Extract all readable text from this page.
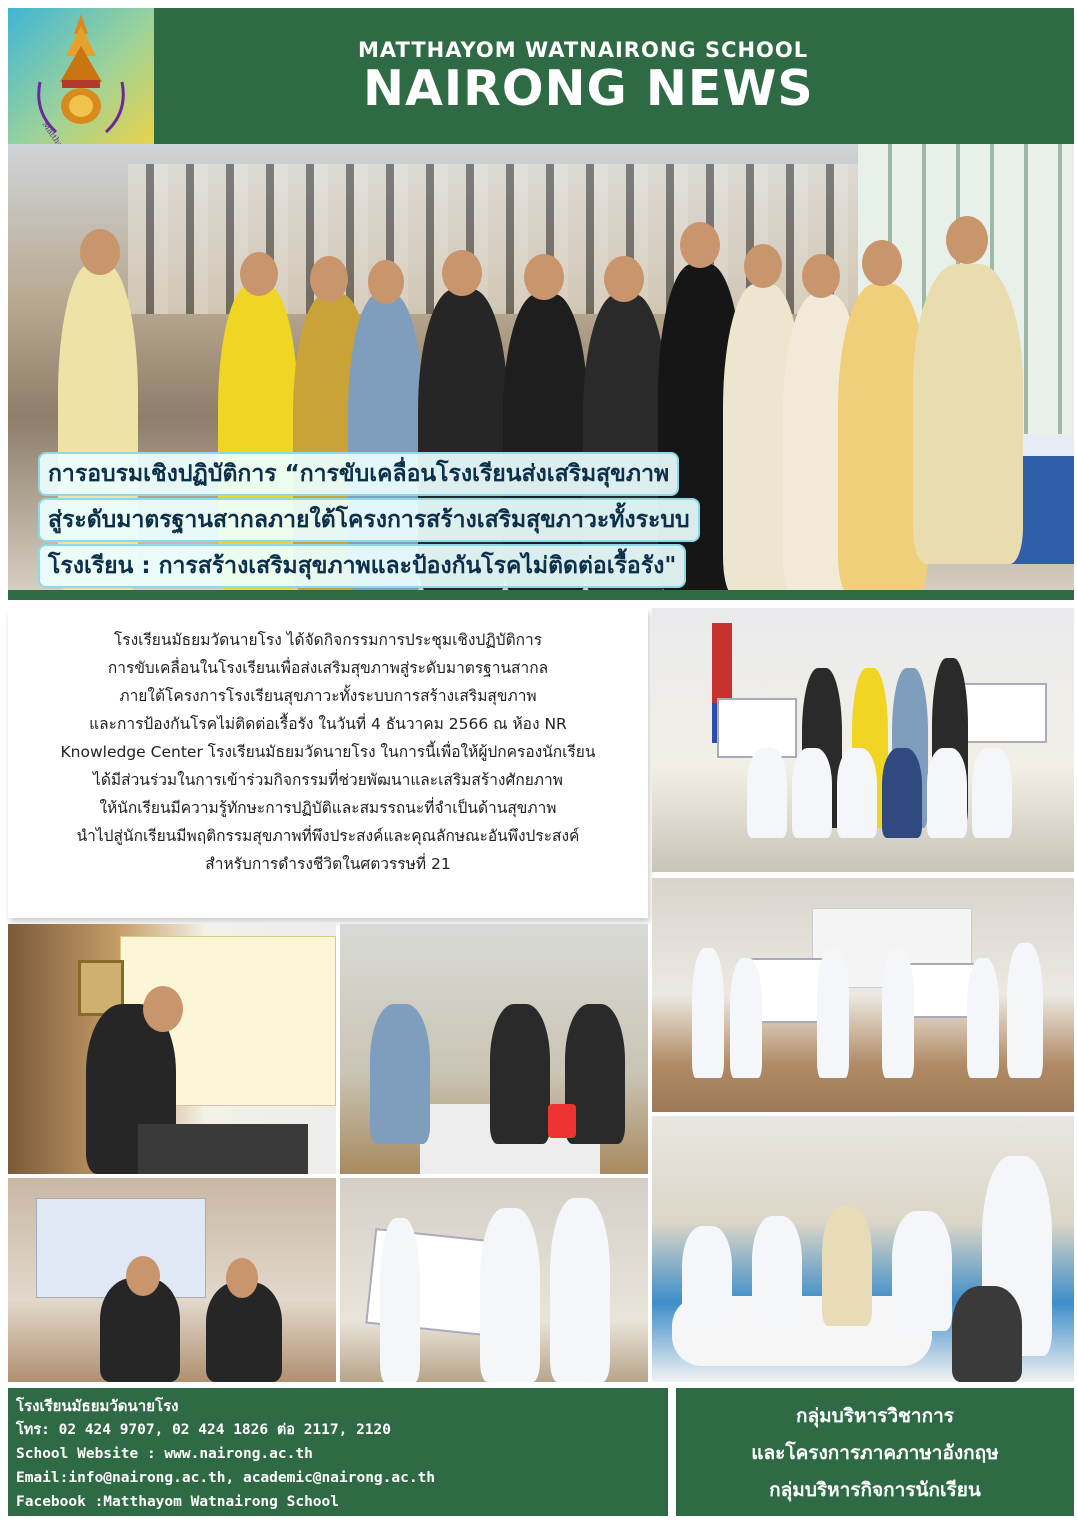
MATTHAYOM WATNAIRONG SCHOOL
NAIRONG NEWS
การอบรมเชิงปฏิบัติการ “การขับเคลื่อนโรงเรียนส่งเสริมสุขภาพ สู่ระดับมาตรฐานสากลภายใต้โครงการสร้างเสริมสุขภาวะทั้งระบบ โรงเรียน : การสร้างเสริมสุขภาพและป้องกันโรคไม่ติดต่อเรื้อรัง"

โรงเรียนมัธยมวัดนายโรง ได้จัดกิจกรรมการประชุมเชิงปฏิบัติการ
การขับเคลื่อนในโรงเรียนเพื่อส่งเสริมสุขภาพสู่ระดับมาตรฐานสากล
ภายใต้โครงการโรงเรียนสุขภาวะทั้งระบบการสร้างเสริมสุขภาพ
และการป้องกันโรคไม่ติดต่อเรื้อรัง ในวันที่ 4 ธันวาคม 2566 ณ ห้อง NR
Knowledge Center โรงเรียนมัธยมวัดนายโรง ในการนี้เพื่อให้ผู้ปกครองนักเรียน
ได้มีส่วนร่วมในการเข้าร่วมกิจกรรมที่ช่วยพัฒนาและเสริมสร้างศักยภาพ
ให้นักเรียนมีความรู้ทักษะการปฏิบัติและสมรรถนะที่จำเป็นด้านสุขภาพ
นำไปสู่นักเรียนมีพฤติกรรมสุขภาพที่พึงประสงค์และคุณลักษณะอันพึงประสงค์
สำหรับการดำรงชีวิตในศตวรรษที่ 21

โรงเรียนมัธยมวัดนายโรง
โทร: 02 424 9707, 02 424 1826 ต่อ 2117, 2120
School Website : www.nairong.ac.th
Email:info@nairong.ac.th, academic@nairong.ac.th
Facebook :Matthayom Watnairong School
กลุ่มบริหารวิชาการ
และโครงการภาคภาษาอังกฤษ
กลุ่มบริหารกิจการนักเรียน
